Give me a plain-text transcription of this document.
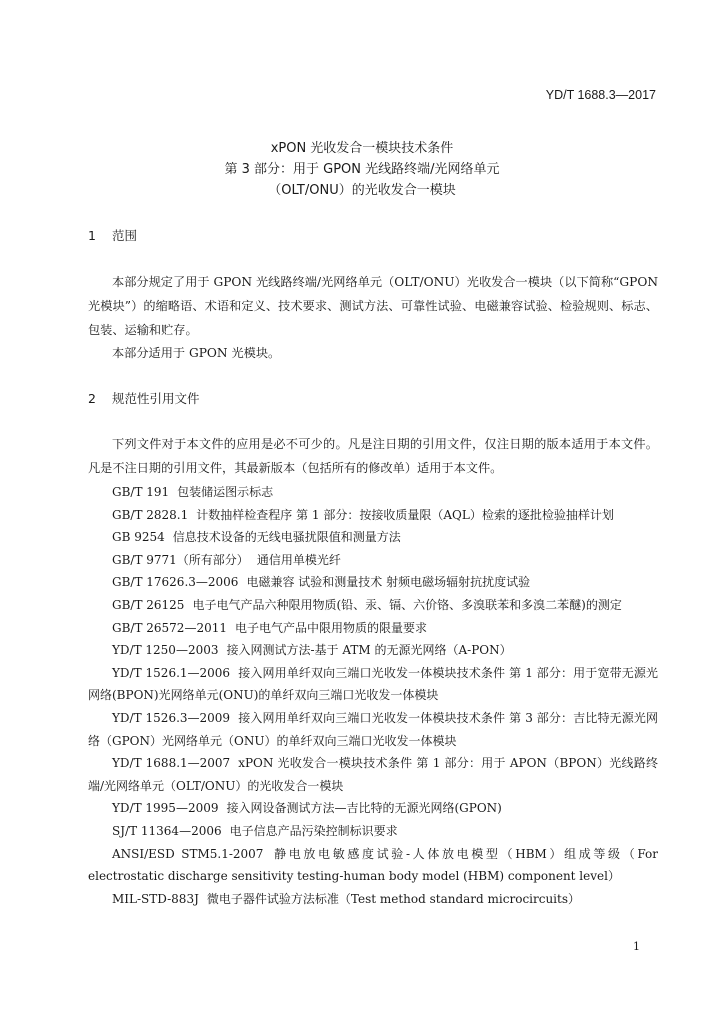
YD/T 1688.3—2017
xPON 光收发合一模块技术条件
第 3 部分：用于 GPON 光线路终端/光网络单元
（OLT/ONU）的光收发合一模块
1 范围
本部分规定了用于 GPON 光线路终端/光网络单元（OLT/ONU）光收发合一模块（以下简称“GPON 光模块”）的缩略语、术语和定义、技术要求、测试方法、可靠性试验、电磁兼容试验、检验规则、标志、包装、运输和贮存。
本部分适用于 GPON 光模块。
2 规范性引用文件
下列文件对于本文件的应用是必不可少的。凡是注日期的引用文件，仅注日期的版本适用于本文件。凡是不注日期的引用文件，其最新版本（包括所有的修改单）适用于本文件。
GB/T 191 包装储运图示标志
GB/T 2828.1 计数抽样检查程序 第 1 部分：按接收质量限（AQL）检索的逐批检验抽样计划
GB 9254 信息技术设备的无线电骚扰限值和测量方法
GB/T 9771（所有部分） 通信用单模光纤
GB/T 17626.3—2006 电磁兼容 试验和测量技术 射频电磁场辐射抗扰度试验
GB/T 26125 电子电气产品六种限用物质(铅、汞、镉、六价铬、多溴联苯和多溴二苯醚)的测定
GB/T 26572—2011 电子电气产品中限用物质的限量要求
YD/T 1250—2003 接入网测试方法-基于 ATM 的无源光网络（A-PON）
YD/T 1526.1—2006 接入网用单纤双向三端口光收发一体模块技术条件 第 1 部分：用于宽带无源光网络(BPON)光网络单元(ONU)的单纤双向三端口光收发一体模块
YD/T 1526.3—2009 接入网用单纤双向三端口光收发一体模块技术条件 第 3 部分：吉比特无源光网络（GPON）光网络单元（ONU）的单纤双向三端口光收发一体模块
YD/T 1688.1—2007 xPON 光收发合一模块技术条件 第 1 部分：用于 APON（BPON）光线路终端/光网络单元（OLT/ONU）的光收发合一模块
YD/T 1995—2009 接入网设备测试方法—吉比特的无源光网络(GPON)
SJ/T 11364—2006 电子信息产品污染控制标识要求
ANSI/ESD STM5.1-2007 静电放电敏感度试验-人体放电模型（HBM）组成等级（For electrostatic discharge sensitivity testing-human body model (HBM) component level）
MIL-STD-883J 微电子器件试验方法标准（Test method standard microcircuits）
1
